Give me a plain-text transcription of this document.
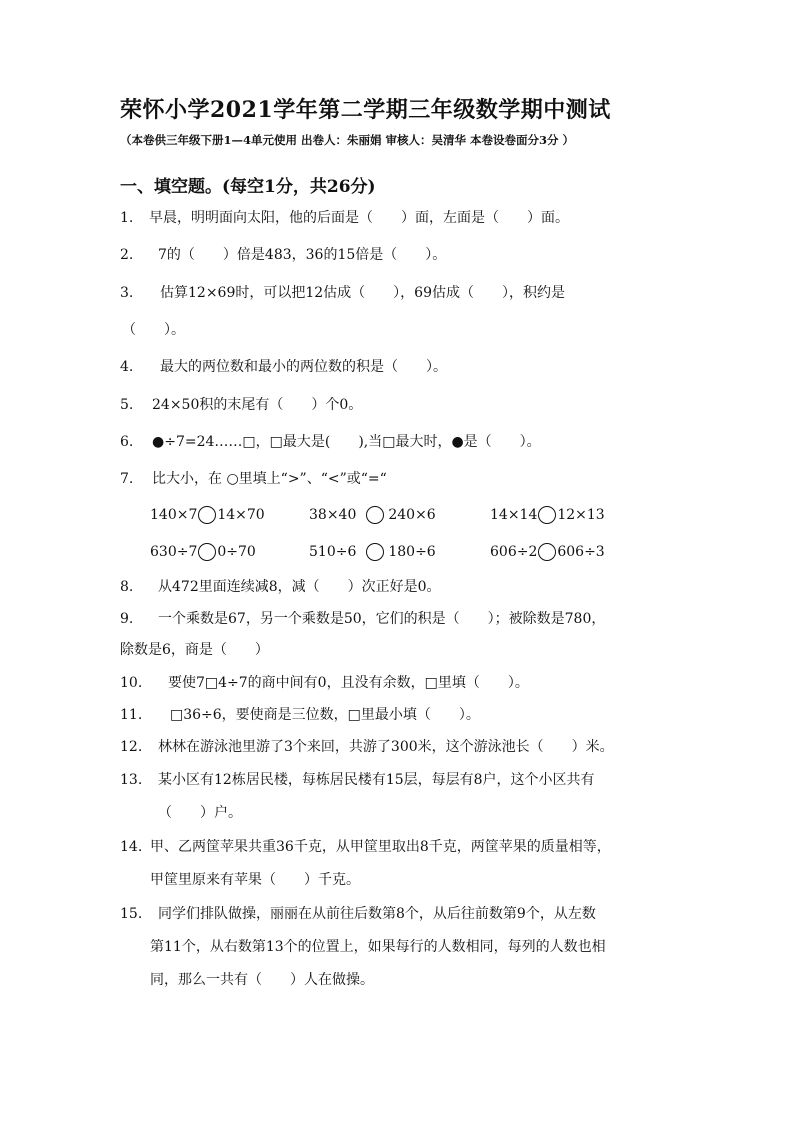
荣怀小学2021学年第二学期三年级数学期中测试
（本卷供三年级下册1—4单元使用 出卷人：朱丽娟 审核人：吴清华 本卷设卷面分3分 ）
一、填空题。(每空1分，共26分)
1. 早晨，明明面向太阳，他的后面是（　　）面，左面是（　　）面。
2. 7的（　　）倍是483，36的15倍是（　　）。
3. 估算12×69时，可以把12估成（　　），69估成（　　），积约是
（　　）。
4. 最大的两位数和最小的两位数的积是（　　）。
5. 24×50积的末尾有（　　）个0。
6. ●÷7=24……□，□最大是(　　),当□最大时，●是（　　）。
7. 比大小，在 ○里填上“>”、“<”或“=“
140×7 14×70	38×40 240×6	14×14 12×13
630÷7 0÷70	510÷6 180÷6	606÷2 606÷3
8. 从472里面连续减8，减（　　）次正好是0。
9. 一个乘数是67，另一个乘数是50，它们的积是（　　）；被除数是780，
除数是6，商是（　　）
10. 要使7□4÷7的商中间有0，且没有余数，□里填（　　）。
11. □36÷6，要使商是三位数，□里最小填（　　）。
12. 林林在游泳池里游了3个来回，共游了300米，这个游泳池长（　　）米。
13. 某小区有12栋居民楼，每栋居民楼有15层，每层有8户，这个小区共有
（　　）户。
14. 甲、乙两筐苹果共重36千克，从甲筐里取出8千克，两筐苹果的质量相等，
甲筐里原来有苹果（　　）千克。
15. 同学们排队做操，丽丽在从前往后数第8个，从后往前数第9个，从左数
第11个，从右数第13个的位置上，如果每行的人数相同，每列的人数也相
同，那么一共有（　　）人在做操。
